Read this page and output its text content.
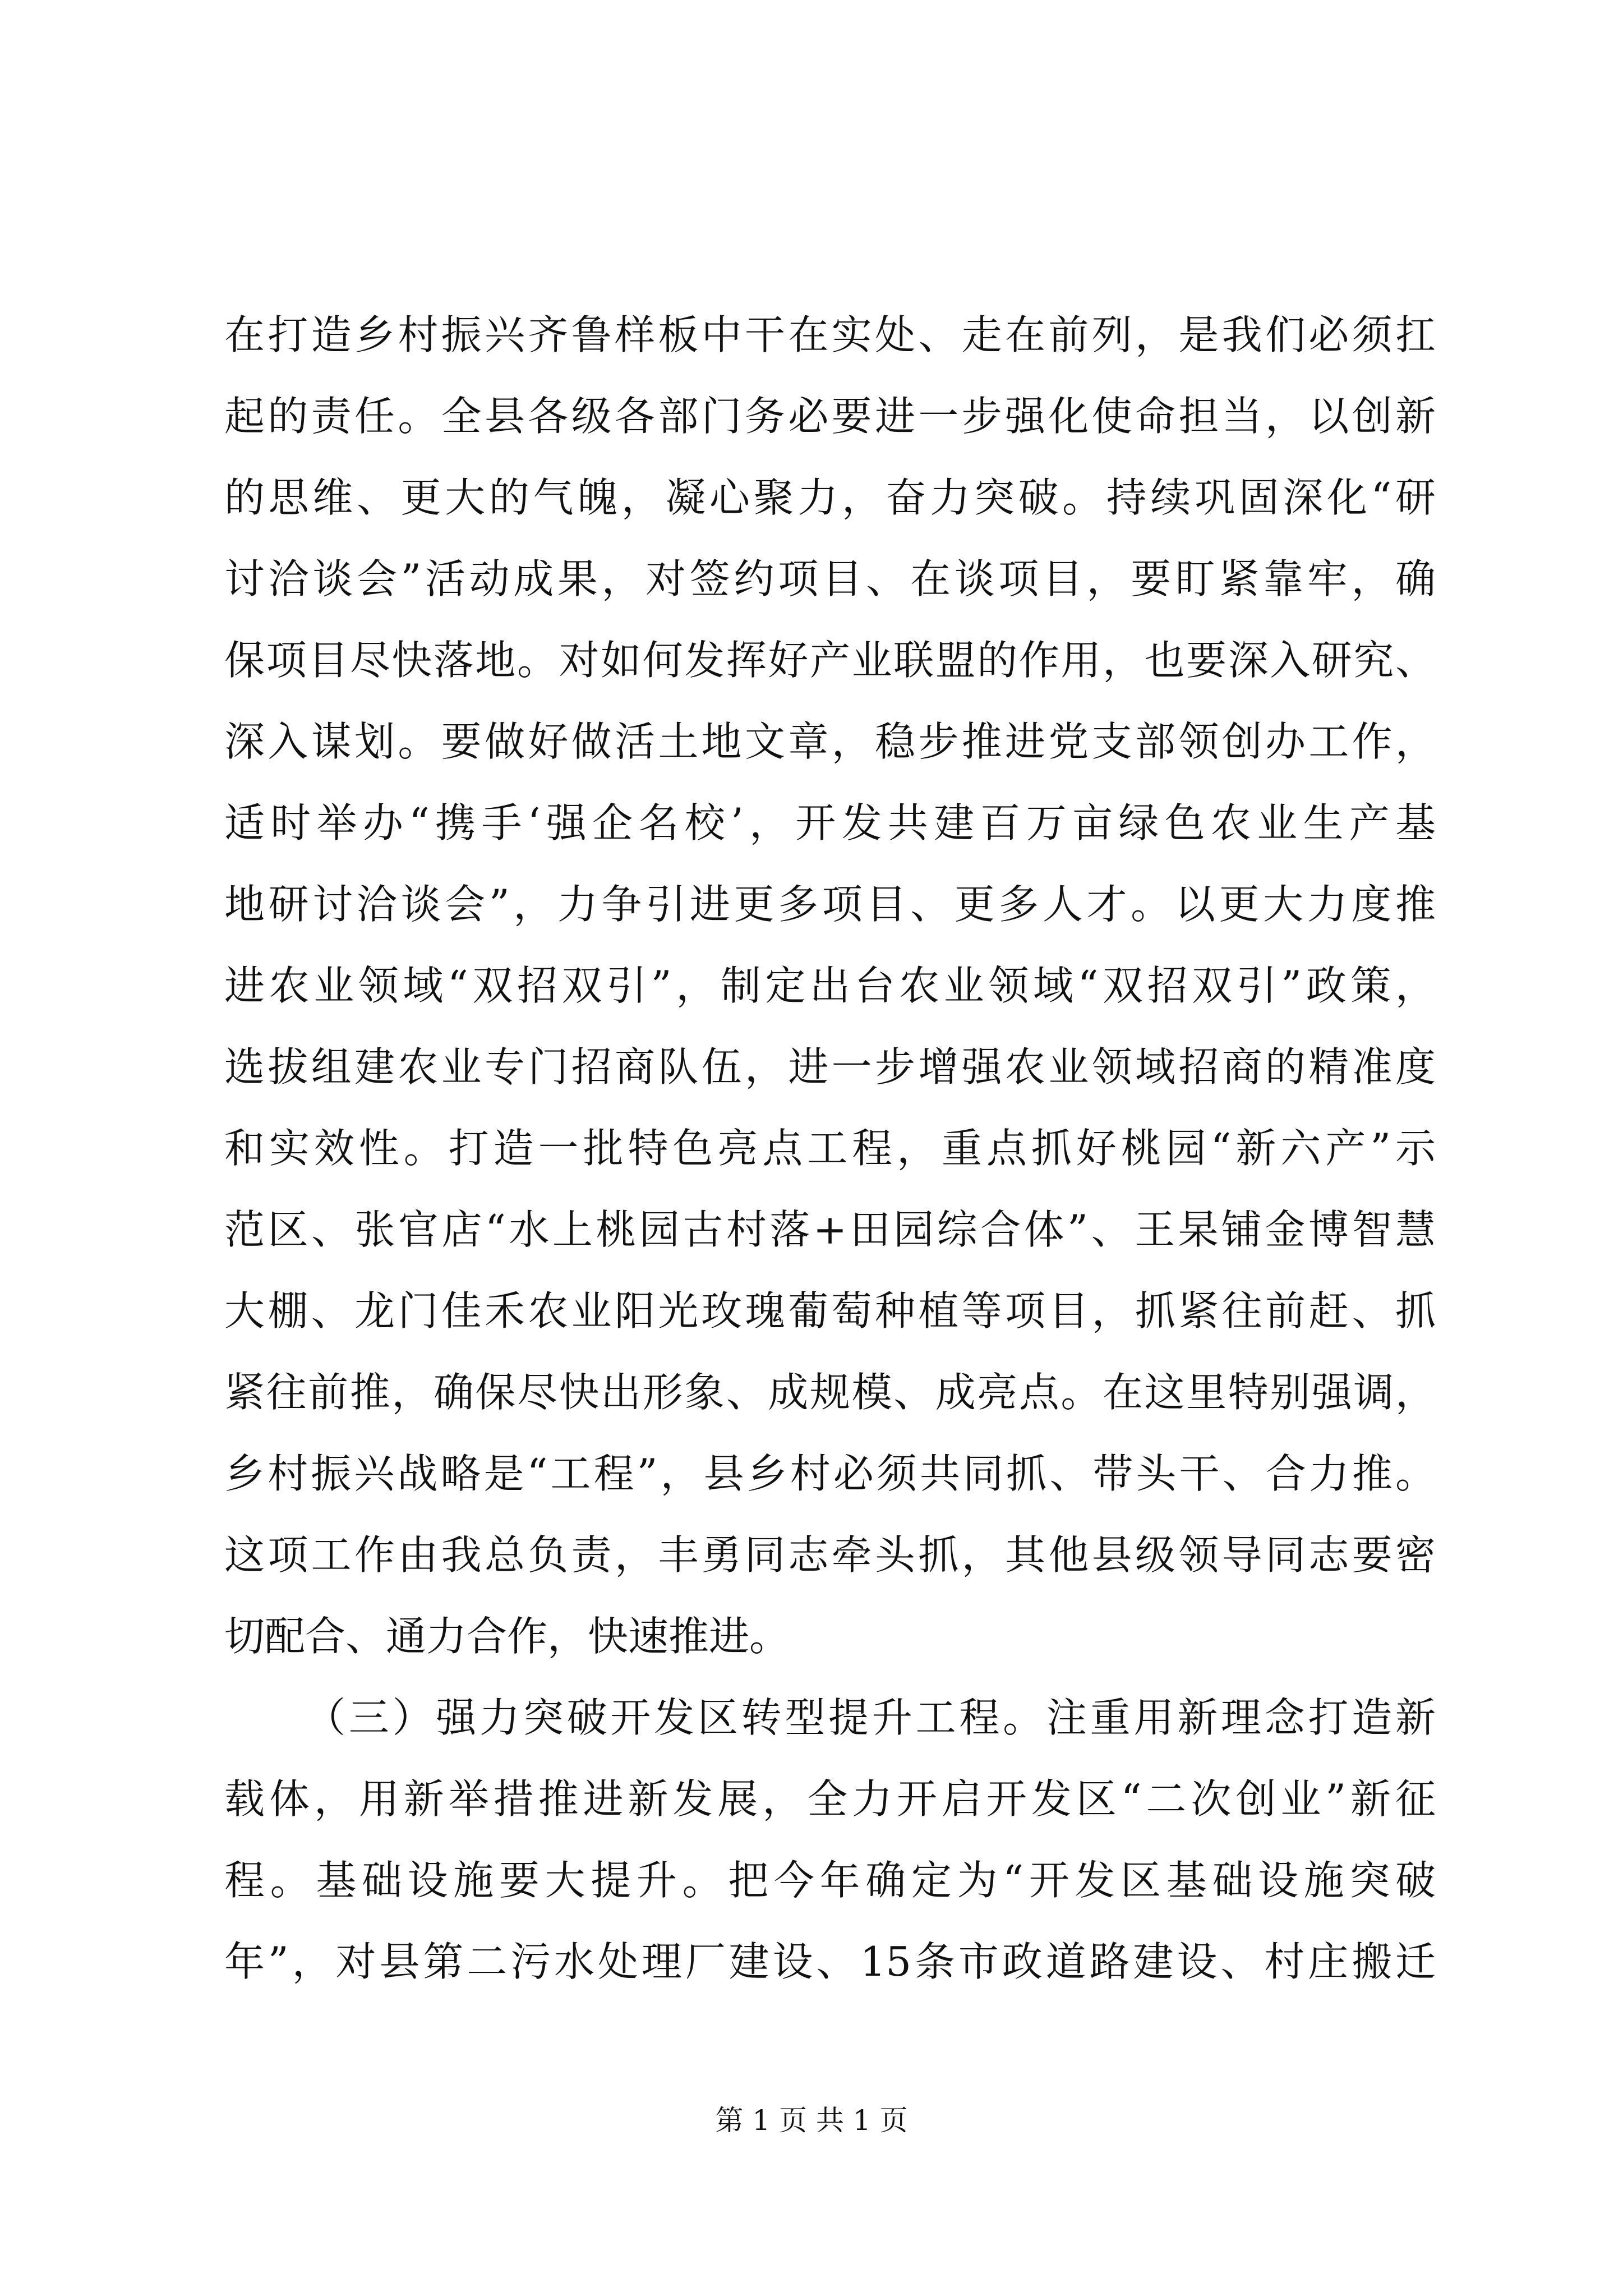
在打造乡村振兴齐鲁样板中干在实处、走在前列，是我们必须扛
起的责任。全县各级各部门务必要进一步强化使命担当，以创新
的思维、更大的气魄，凝心聚力，奋力突破。持续巩固深化“研
讨洽谈会”活动成果，对签约项目、在谈项目，要盯紧靠牢，确
保项目尽快落地。对如何发挥好产业联盟的作用，也要深入研究、
深入谋划。要做好做活土地文章，稳步推进党支部领创办工作，
适时举办“携手‘强企名校’，开发共建百万亩绿色农业生产基
地研讨洽谈会”，力争引进更多项目、更多人才。以更大力度推
进农业领域“双招双引”，制定出台农业领域“双招双引”政策，
选拔组建农业专门招商队伍，进一步增强农业领域招商的精准度
和实效性。打造一批特色亮点工程，重点抓好桃园“新六产”示
范区、张官店“水上桃园古村落+田园综合体”、王杲铺金博智慧
大棚、龙门佳禾农业阳光玫瑰葡萄种植等项目，抓紧往前赶、抓
紧往前推，确保尽快出形象、成规模、成亮点。在这里特别强调，
乡村振兴战略是“工程”，县乡村必须共同抓、带头干、合力推。
这项工作由我总负责，丰勇同志牵头抓，其他县级领导同志要密
切配合、通力合作，快速推进。
（三）强力突破开发区转型提升工程。注重用新理念打造新
载体，用新举措推进新发展，全力开启开发区“二次创业”新征
程。基础设施要大提升。把今年确定为“开发区基础设施突破
年”，对县第二污水处理厂建设、15条市政道路建设、村庄搬迁
第 1 页 共 1 页
